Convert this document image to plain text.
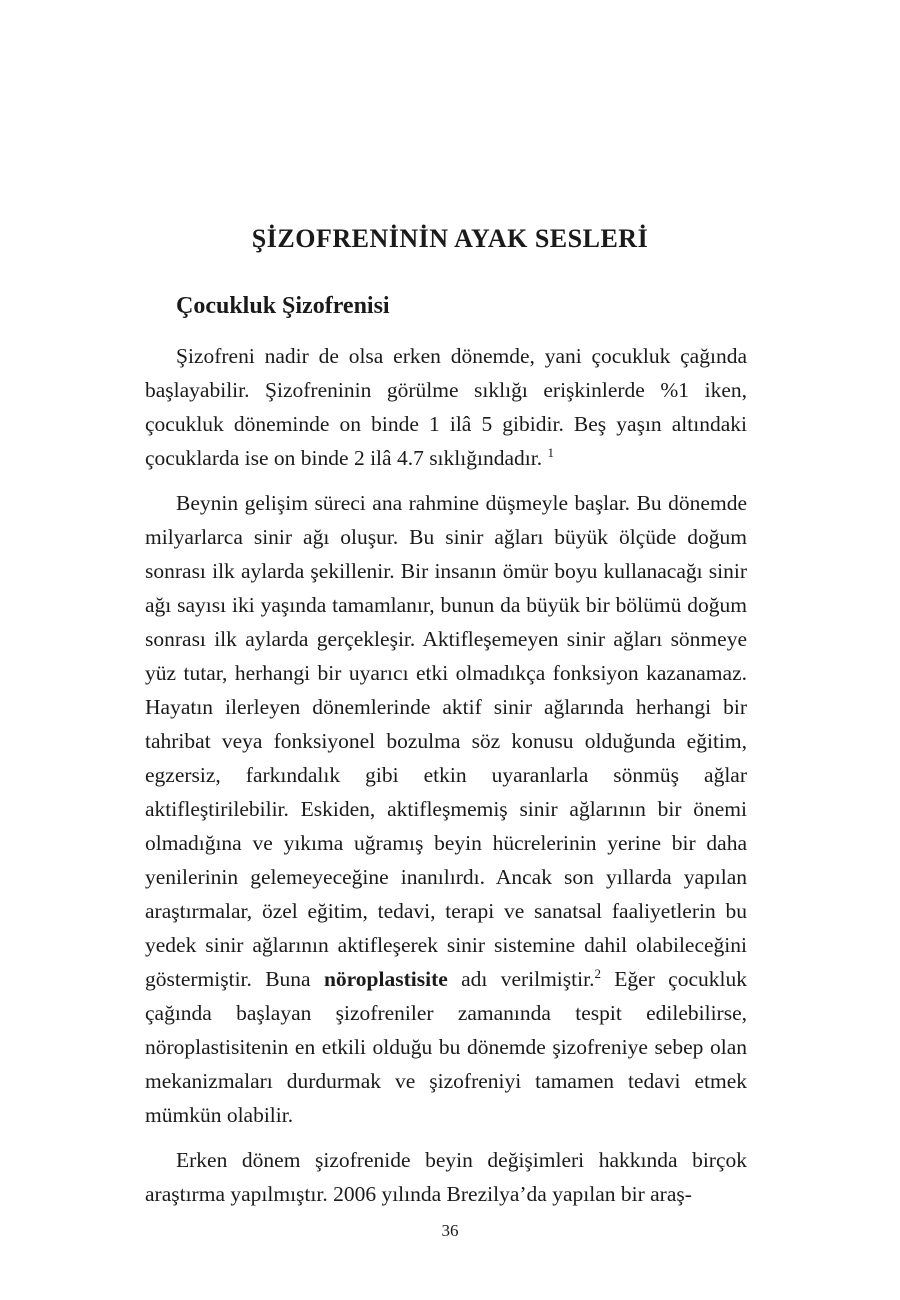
ŞİZOFRENİNİN AYAK SESLERİ
Çocukluk Şizofrenisi

Şizofreni nadir de olsa erken dönemde, yani çocukluk çağında başlayabilir. Şizofreninin görülme sıklığı erişkinlerde %1 iken, çocukluk döneminde on binde 1 ilâ 5 gibidir. Beş yaşın altındaki çocuklarda ise on binde 2 ilâ 4.7 sıklığındadır. $^1$

Beynin gelişim süreci ana rahmine düşmeyle başlar. Bu dönemde milyarlarca sinir ağı oluşur. Bu sinir ağları büyük ölçüde doğum sonrası ilk aylarda şekillenir. Bir insanın ömür boyu kullanacağı sinir ağı sayısı iki yaşında tamamlanır, bunun da büyük bir bölümü doğum sonrası ilk aylarda gerçekleşir. Aktifleşemeyen sinir ağları sönmeye yüz tutar, herhangi bir uyarıcı etki olmadıkça fonksiyon kazanamaz. Hayatın ilerleyen dönemlerinde aktif sinir ağlarında herhangi bir tahribat veya fonksiyonel bozulma söz konusu olduğunda eğitim, egzersiz, farkındalık gibi etkin uyaranlarla sönmüş ağlar aktifleştirilebilir. Eskiden, aktifleşmemiş sinir ağlarının bir önemi olmadığına ve yıkıma uğramış beyin hücrelerinin yerine bir daha yenilerinin gelemeyeceğine inanılırdı. Ancak son yıllarda yapılan araştırmalar, özel eğitim, tedavi, terapi ve sanatsal faaliyetlerin bu yedek sinir ağlarının aktifleşerek sinir sistemine dahil olabileceğini göstermiştir. Buna nöroplastisite adı verilmiştir.$^2$ Eğer çocukluk çağında başlayan şizofreniler zamanında tespit edilebilirse, nöroplastisitenin en etkili olduğu bu dönemde şizofreniye sebep olan mekanizmaları durdurmak ve şizofreniyi tamamen tedavi etmek mümkün olabilir.

Erken dönem şizofrenide beyin değişimleri hakkında birçok araştırma yapılmıştır. 2006 yılında Brezilya’da yapılan bir araş-

36
